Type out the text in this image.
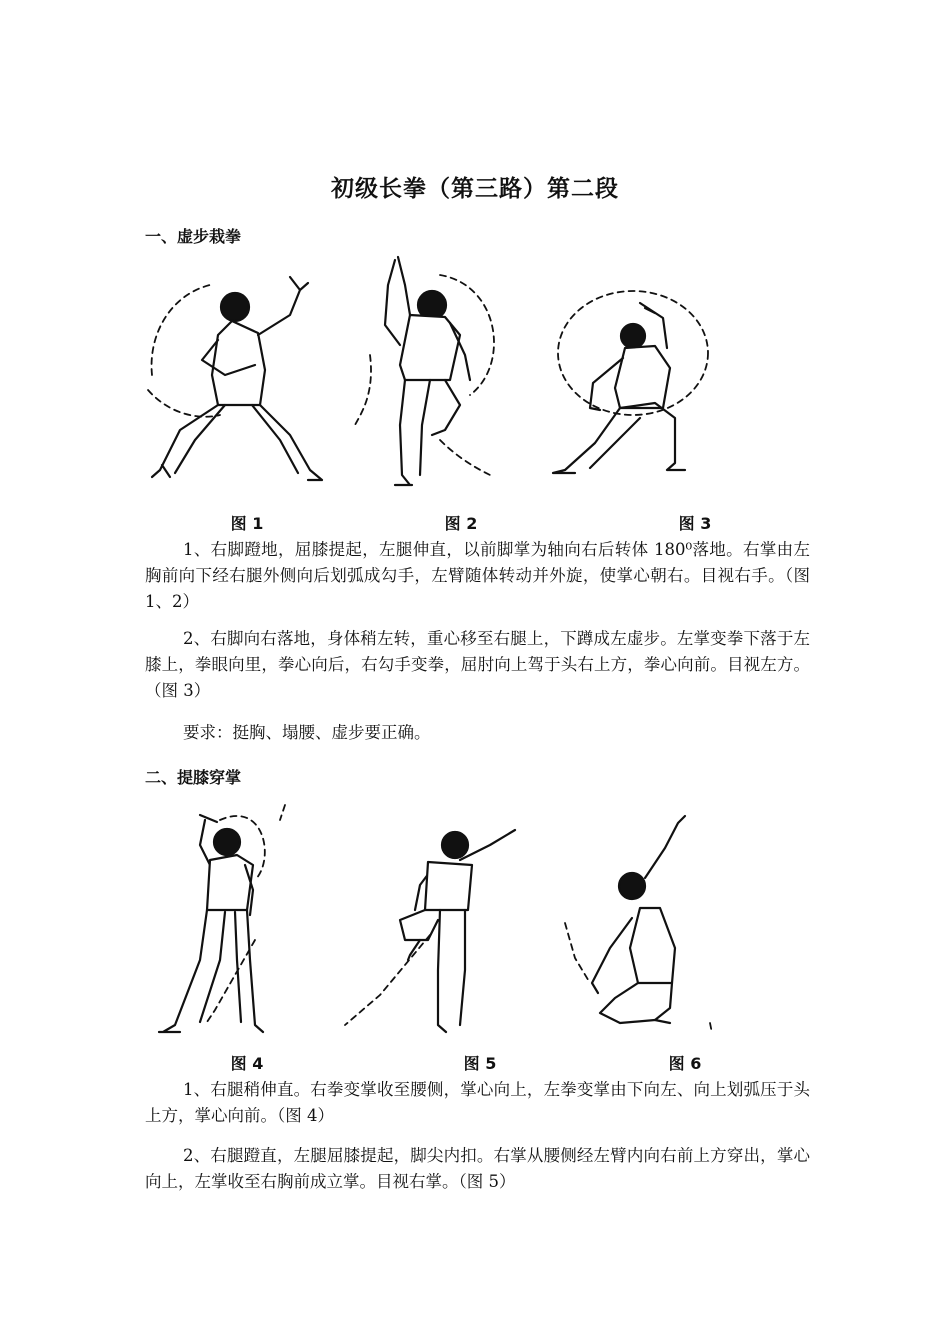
初级长拳（第三路）第二段
一、虚步栽拳
图 1	图 2	图 3
1、右脚蹬地，屈膝提起，左腿伸直，以前脚掌为轴向右后转体 180⁰落地。右掌由左胸前向下经右腿外侧向后划弧成勾手，左臂随体转动并外旋，使掌心朝右。目视右手。（图 1、2）
2、右脚向右落地，身体稍左转，重心移至右腿上，下蹲成左虚步。左掌变拳下落于左膝上，拳眼向里，拳心向后，右勾手变拳，屈肘向上驾于头右上方，拳心向前。目视左方。（图 3）
要求：挺胸、塌腰、虚步要正确。
二、提膝穿掌
图 4	图 5	图 6
1、右腿稍伸直。右拳变掌收至腰侧，掌心向上，左拳变掌由下向左、向上划弧压于头上方，掌心向前。（图 4）
2、右腿蹬直，左腿屈膝提起，脚尖内扣。右掌从腰侧经左臂内向右前上方穿出，掌心向上，左掌收至右胸前成立掌。目视右掌。（图 5）
